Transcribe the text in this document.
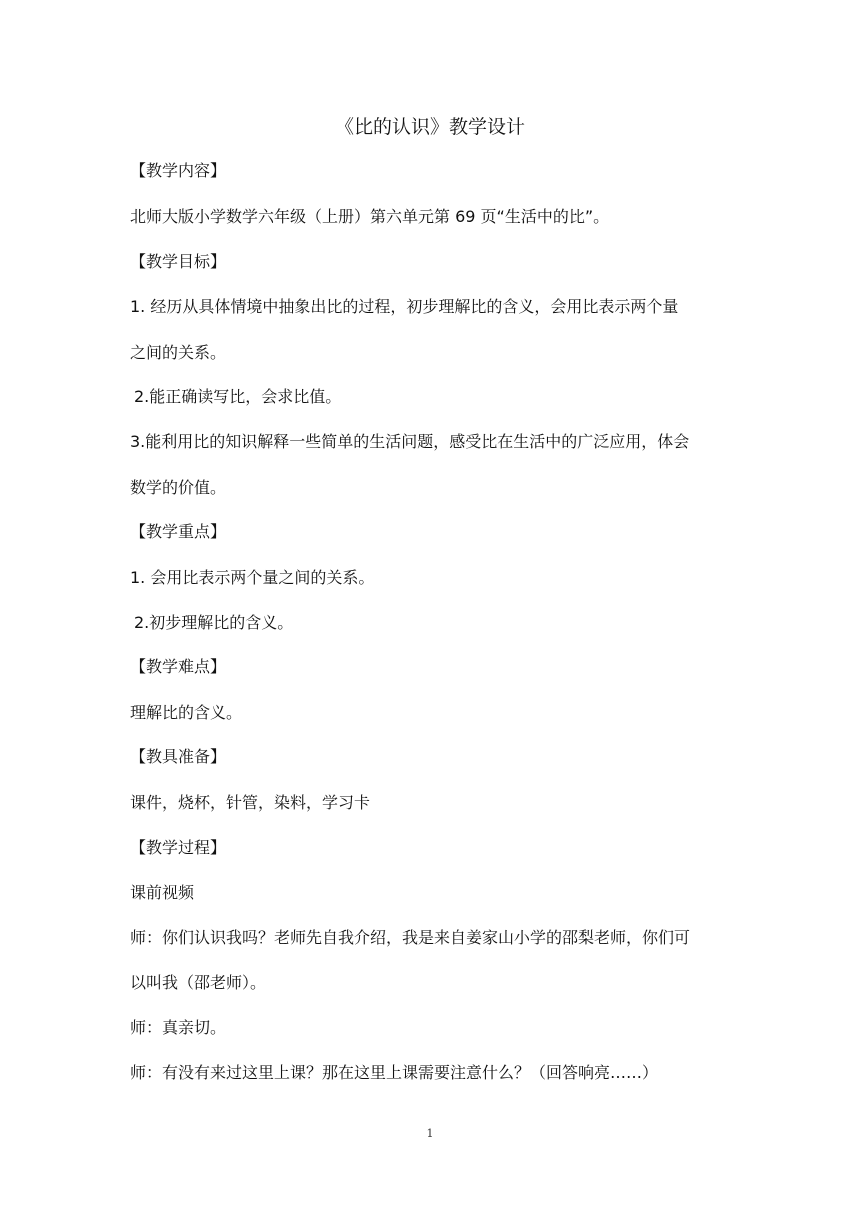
《比的认识》教学设计
【教学内容】
北师大版小学数学六年级（上册）第六单元第 69 页“生活中的比”。
【教学目标】
1. 经历从具体情境中抽象出比的过程，初步理解比的含义，会用比表示两个量
之间的关系。
2.能正确读写比，会求比值。
3.能利用比的知识解释一些简单的生活问题，感受比在生活中的广泛应用，体会
数学的价值。
【教学重点】
1. 会用比表示两个量之间的关系。
2.初步理解比的含义。
【教学难点】
理解比的含义。
【教具准备】
课件，烧杯，针管，染料，学习卡
【教学过程】
课前视频
师：你们认识我吗？老师先自我介绍，我是来自姜家山小学的邵梨老师，你们可
以叫我（邵老师）。
师：真亲切。
师：有没有来过这里上课？那在这里上课需要注意什么？（回答响亮……）
1
